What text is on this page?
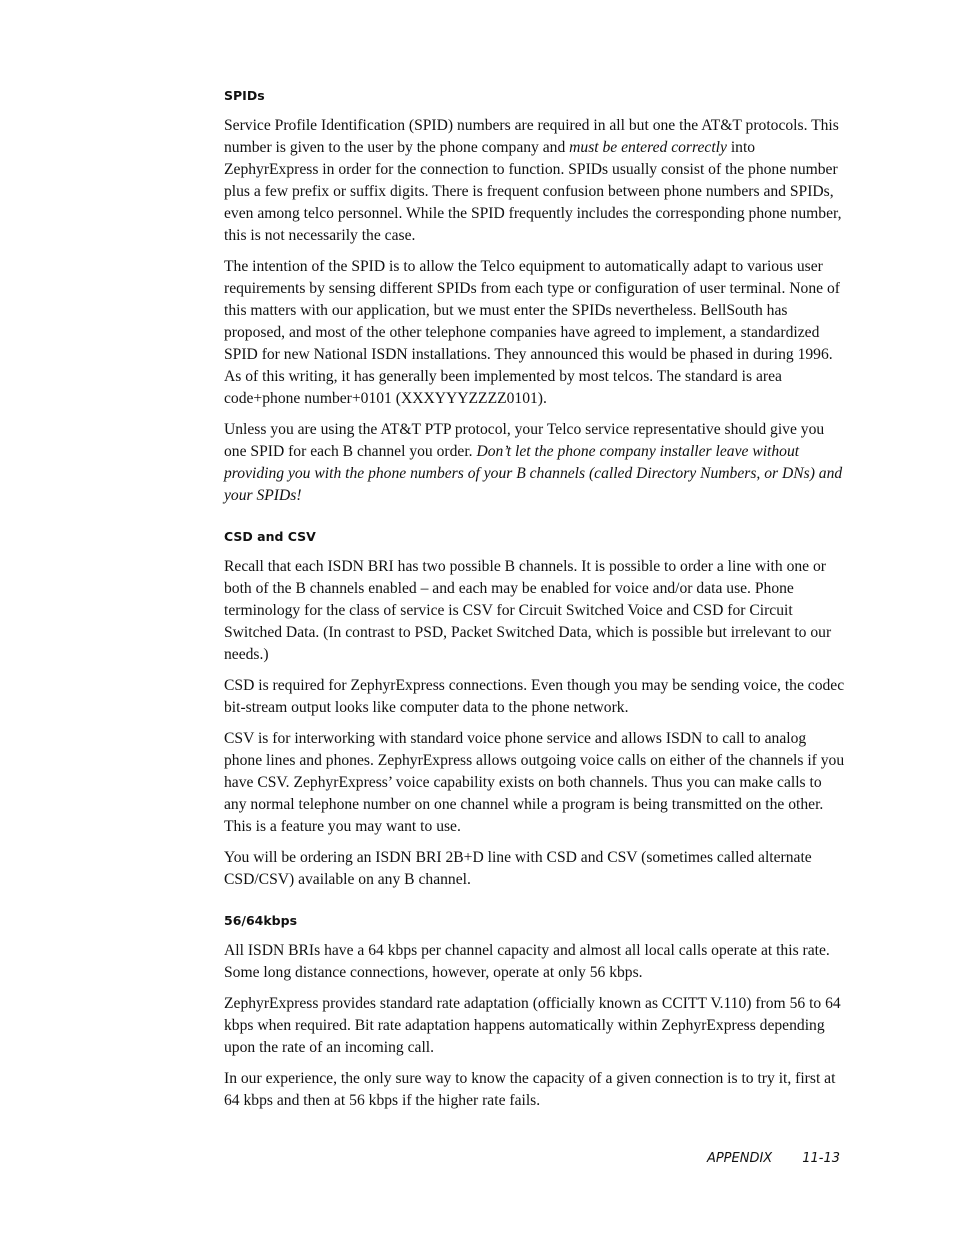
SPIDs

Service Profile Identification (SPID) numbers are required in all but one the AT&T protocols. This number is given to the user by the phone company and must be entered correctly into ZephyrExpress in order for the connection to function. SPIDs usually consist of the phone number plus a few prefix or suffix digits. There is frequent confusion between phone numbers and SPIDs, even among telco personnel. While the SPID frequently includes the corresponding phone number, this is not necessarily the case.

The intention of the SPID is to allow the Telco equipment to automatically adapt to various user requirements by sensing different SPIDs from each type or configuration of user terminal. None of this matters with our application, but we must enter the SPIDs nevertheless. BellSouth has proposed, and most of the other telephone companies have agreed to implement, a standardized SPID for new National ISDN installations. They announced this would be phased in during 1996. As of this writing, it has generally been implemented by most telcos. The standard is area code+phone number+0101 (XXXYYYZZZZ0101).

Unless you are using the AT&T PTP protocol, your Telco service representative should give you one SPID for each B channel you order. Don’t let the phone company installer leave without providing you with the phone numbers of your B channels (called Directory Numbers, or DNs) and your SPIDs!

CSD and CSV

Recall that each ISDN BRI has two possible B channels. It is possible to order a line with one or both of the B channels enabled – and each may be enabled for voice and/or data use. Phone terminology for the class of service is CSV for Circuit Switched Voice and CSD for Circuit Switched Data. (In contrast to PSD, Packet Switched Data, which is possible but irrelevant to our needs.)

CSD is required for ZephyrExpress connections. Even though you may be sending voice, the codec bit-stream output looks like computer data to the phone network.

CSV is for interworking with standard voice phone service and allows ISDN to call to analog phone lines and phones. ZephyrExpress allows outgoing voice calls on either of the channels if you have CSV. ZephyrExpress’ voice capability exists on both channels. Thus you can make calls to any normal telephone number on one channel while a program is being transmitted on the other. This is a feature you may want to use.

You will be ordering an ISDN BRI 2B+D line with CSD and CSV (sometimes called alternate CSD/CSV) available on any B channel.

56/64kbps

All ISDN BRIs have a 64 kbps per channel capacity and almost all local calls operate at this rate. Some long distance connections, however, operate at only 56 kbps.

ZephyrExpress provides standard rate adaptation (officially known as CCITT V.110) from 56 to 64 kbps when required. Bit rate adaptation happens automatically within ZephyrExpress depending upon the rate of an incoming call.

In our experience, the only sure way to know the capacity of a given connection is to try it, first at 64 kbps and then at 56 kbps if the higher rate fails.

APPENDIX 11-13
